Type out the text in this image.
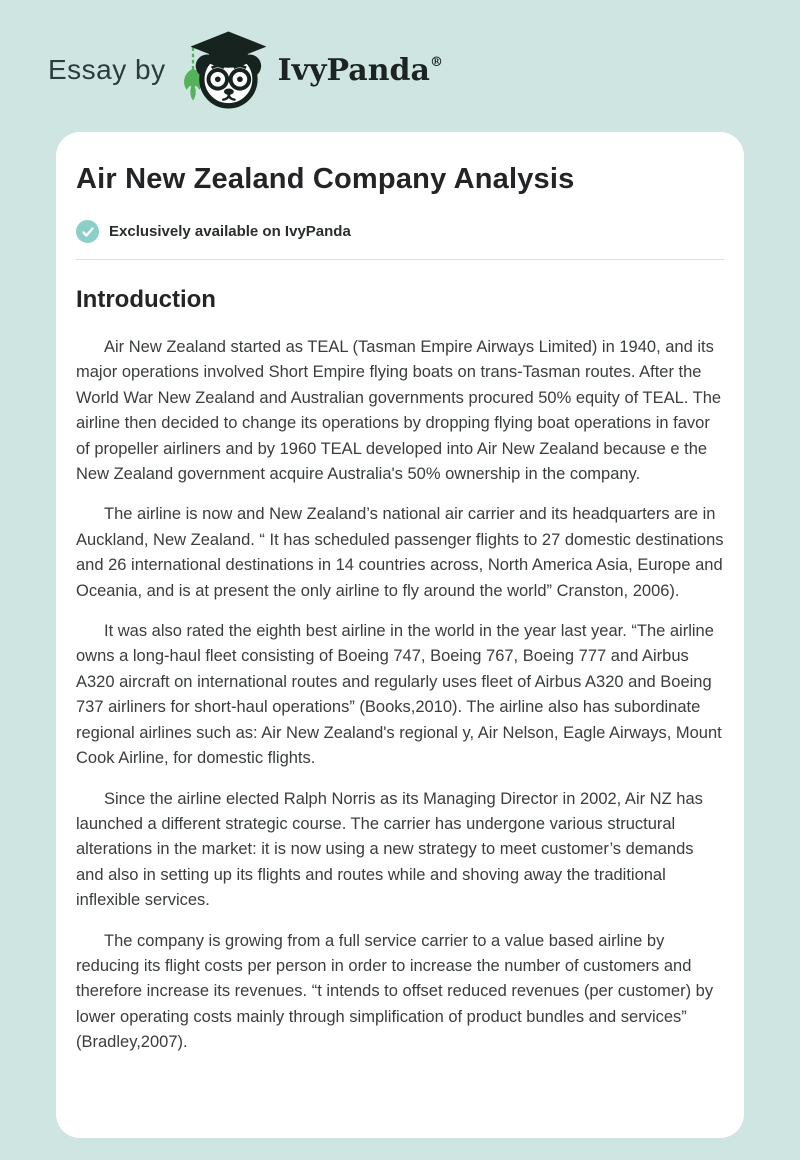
Essay by	IvyPanda®
Air New Zealand Company Analysis
Exclusively available on IvyPanda
Introduction

Air New Zealand started as TEAL (Tasman Empire Airways Limited) in 1940, and its major operations involved Short Empire flying boats on trans-Tasman routes. After the World War New Zealand and Australian governments procured 50% equity of TEAL. The airline then decided to change its operations by dropping flying boat operations in favor of propeller airliners and by 1960 TEAL developed into Air New Zealand because e the New Zealand government acquire Australia's 50% ownership in the company.

The airline is now and New Zealand’s national air carrier and its headquarters are in Auckland, New Zealand. “ It has scheduled passenger flights to 27 domestic destinations and 26 international destinations in 14 countries across, North America Asia, Europe and Oceania, and is at present the only airline to fly around the world” Cranston, 2006).

It was also rated the eighth best airline in the world in the year last year. “The airline owns a long-haul fleet consisting of Boeing 747, Boeing 767, Boeing 777 and Airbus A320 aircraft on international routes and regularly uses fleet of Airbus A320 and Boeing 737 airliners for short-haul operations” (Books,2010). The airline also has subordinate regional airlines such as: Air New Zealand's regional y, Air Nelson, Eagle Airways, Mount Cook Airline, for domestic flights.

Since the airline elected Ralph Norris as its Managing Director in 2002, Air NZ has launched a different strategic course. The carrier has undergone various structural alterations in the market: it is now using a new strategy to meet customer’s demands and also in setting up its flights and routes while and shoving away the traditional inflexible services.

The company is growing from a full service carrier to a value based airline by reducing its flight costs per person in order to increase the number of customers and therefore increase its revenues. “t intends to offset reduced revenues (per customer) by lower operating costs mainly through simplification of product bundles and services” (Bradley,2007).
